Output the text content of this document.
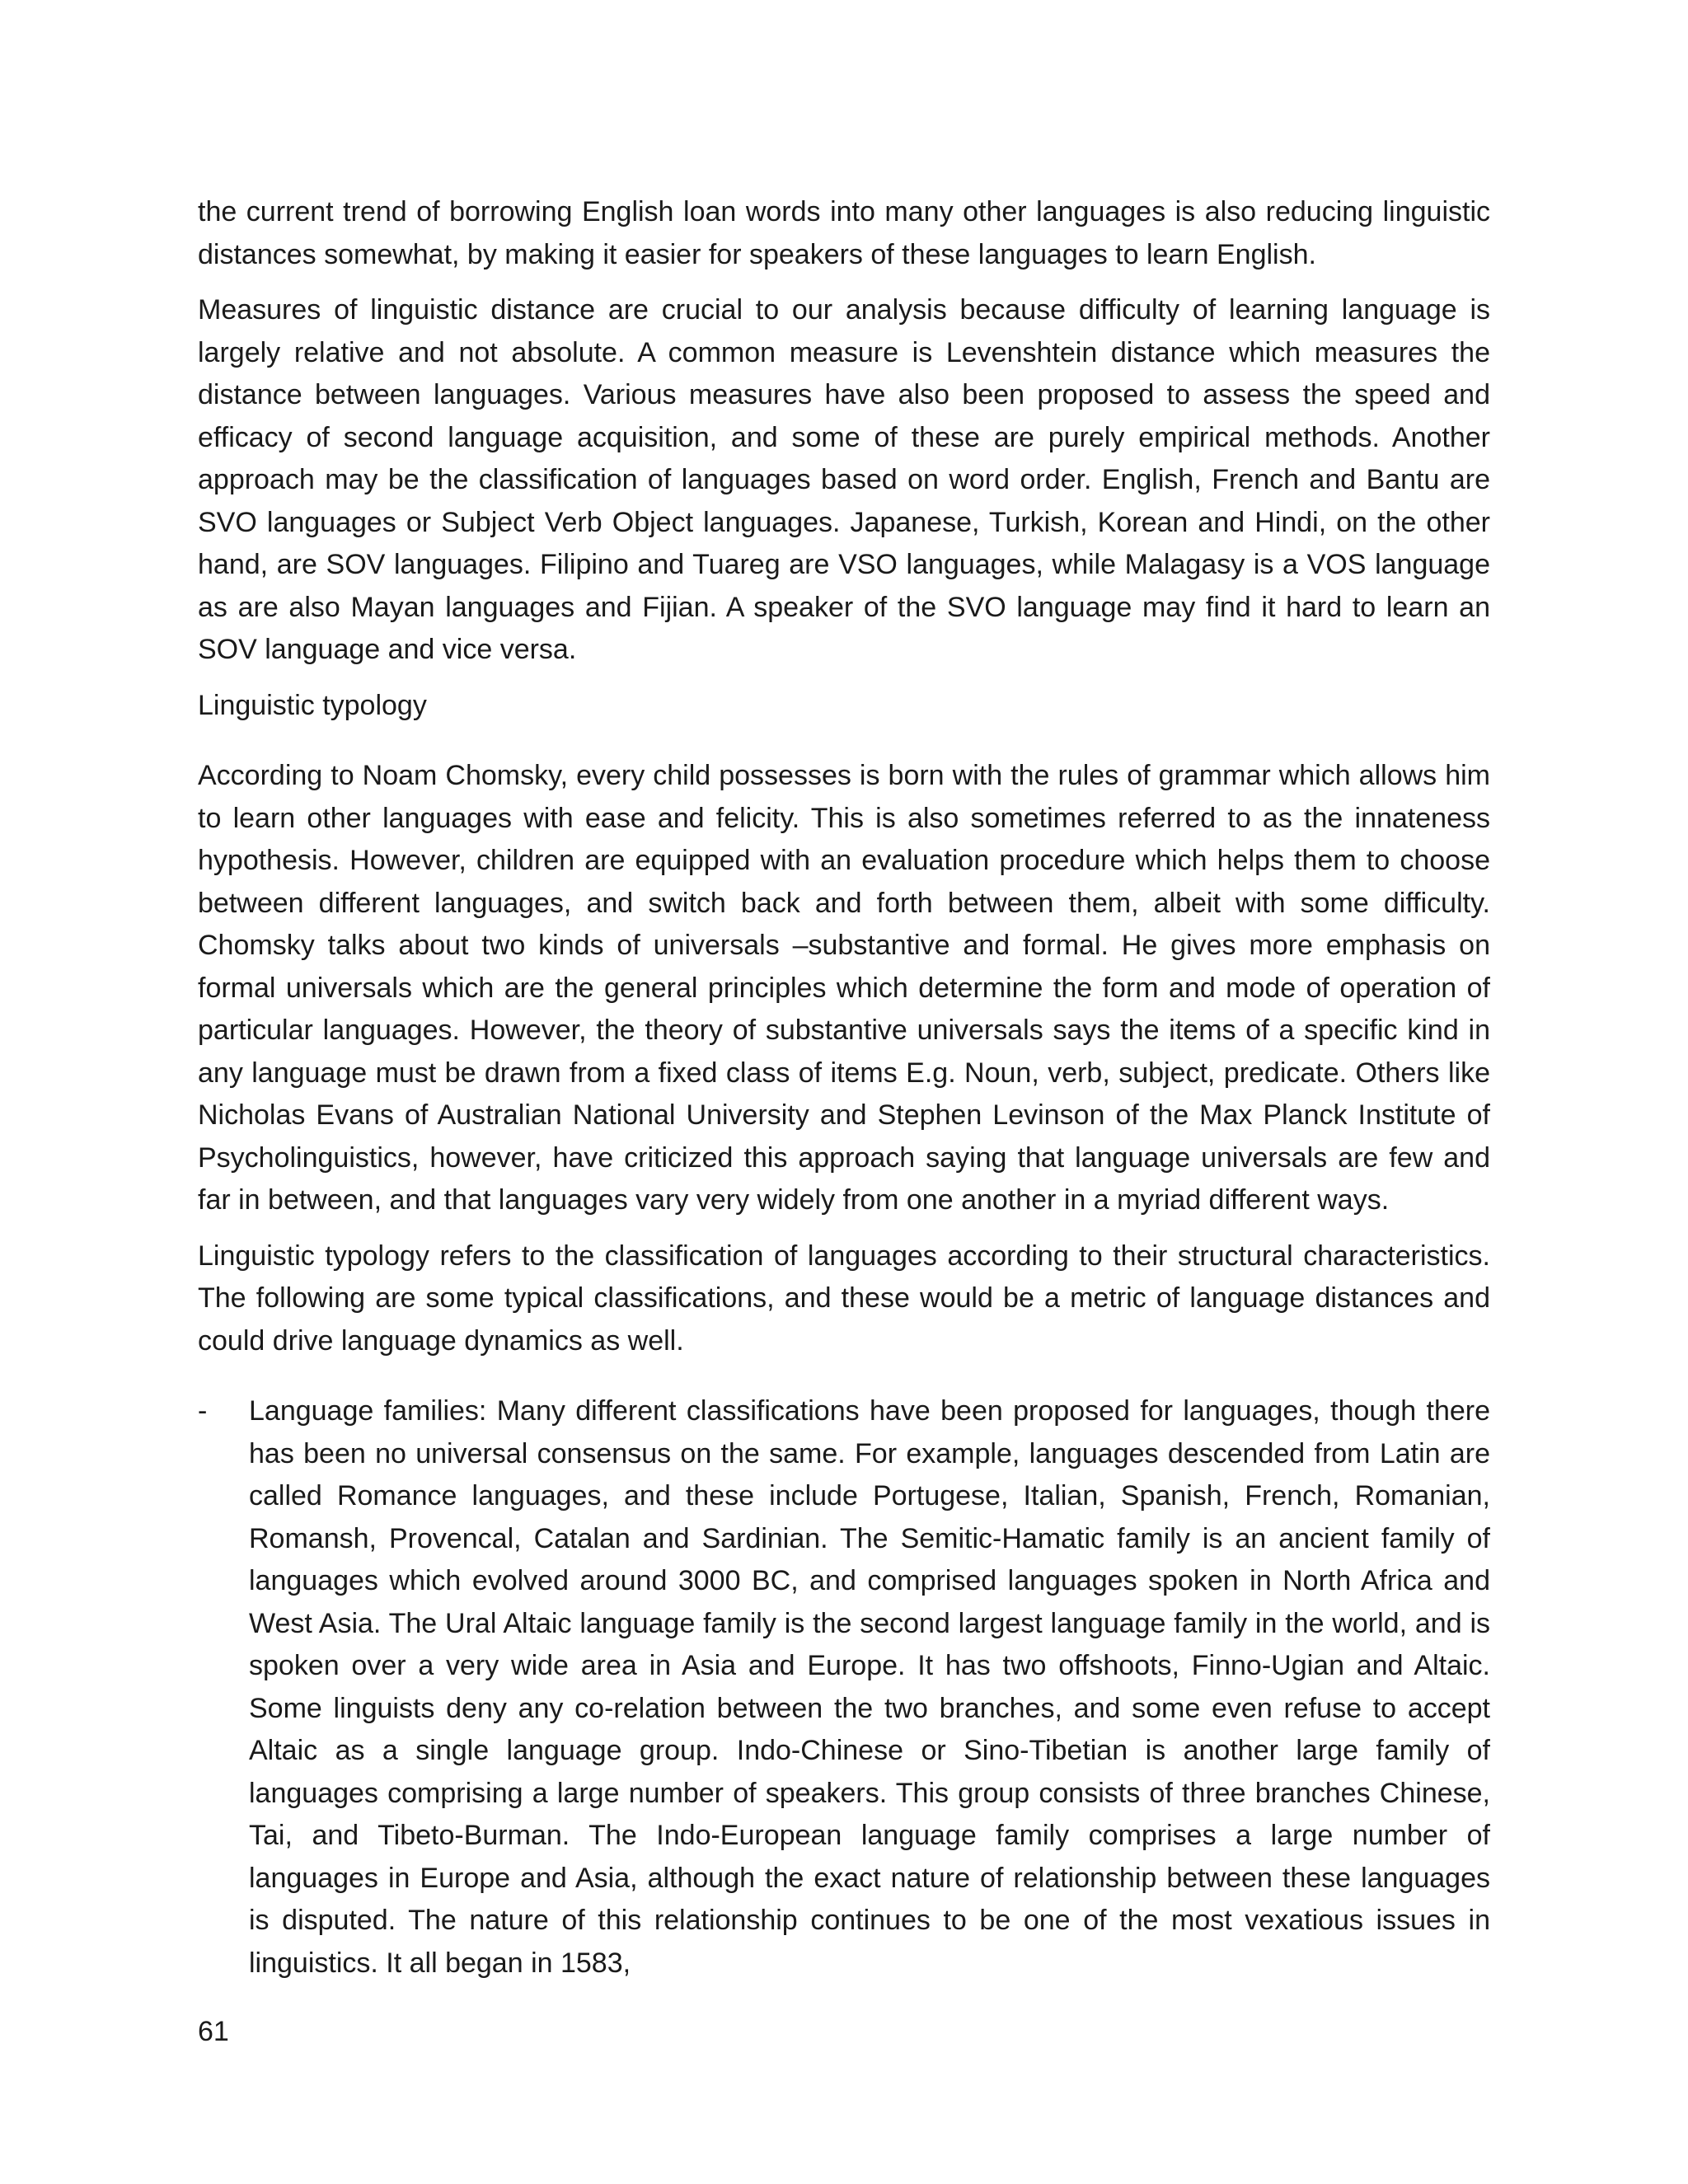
the current trend of borrowing English loan words into many other languages is also reducing linguistic distances somewhat, by making it easier for speakers of these languages to learn English.

Measures of linguistic distance are crucial to our analysis because difficulty of learning language is largely relative and not absolute. A common measure is Levenshtein distance which measures the distance between languages. Various measures have also been proposed to assess the speed and efficacy of second language acquisition, and some of these are purely empirical methods. Another approach may be the classification of languages based on word order. English, French and Bantu are SVO languages or Subject Verb Object languages. Japanese, Turkish, Korean and Hindi, on the other hand, are SOV languages. Filipino and Tuareg are VSO languages, while Malagasy is a VOS language as are also Mayan languages and Fijian. A speaker of the SVO language may find it hard to learn an SOV language and vice versa.

Linguistic typology

According to Noam Chomsky, every child possesses is born with the rules of grammar which allows him to learn other languages with ease and felicity. This is also sometimes referred to as the innateness hypothesis. However, children are equipped with an evaluation procedure which helps them to choose between different languages, and switch back and forth between them, albeit with some difficulty. Chomsky talks about two kinds of universals –substantive and formal. He gives more emphasis on formal universals which are the general principles which determine the form and mode of operation of particular languages. However, the theory of substantive universals says the items of a specific kind in any language must be drawn from a fixed class of items E.g. Noun, verb, subject, predicate. Others like Nicholas Evans of Australian National University and Stephen Levinson of the Max Planck Institute of Psycholinguistics, however, have criticized this approach saying that language universals are few and far in between, and that languages vary very widely from one another in a myriad different ways.

Linguistic typology refers to the classification of languages according to their structural characteristics. The following are some typical classifications, and these would be a metric of language distances and could drive language dynamics as well.

- Language families: Many different classifications have been proposed for languages, though there has been no universal consensus on the same. For example, languages descended from Latin are called Romance languages, and these include Portugese, Italian, Spanish, French, Romanian, Romansh, Provencal, Catalan and Sardinian. The Semitic-Hamatic family is an ancient family of languages which evolved around 3000 BC, and comprised languages spoken in North Africa and West Asia. The Ural Altaic language family is the second largest language family in the world, and is spoken over a very wide area in Asia and Europe. It has two offshoots, Finno-Ugian and Altaic. Some linguists deny any co-relation between the two branches, and some even refuse to accept Altaic as a single language group. Indo-Chinese or Sino-Tibetian is another large family of languages comprising a large number of speakers. This group consists of three branches Chinese, Tai, and Tibeto-Burman. The Indo-European language family comprises a large number of languages in Europe and Asia, although the exact nature of relationship between these languages is disputed. The nature of this relationship continues to be one of the most vexatious issues in linguistics. It all began in 1583,
61
